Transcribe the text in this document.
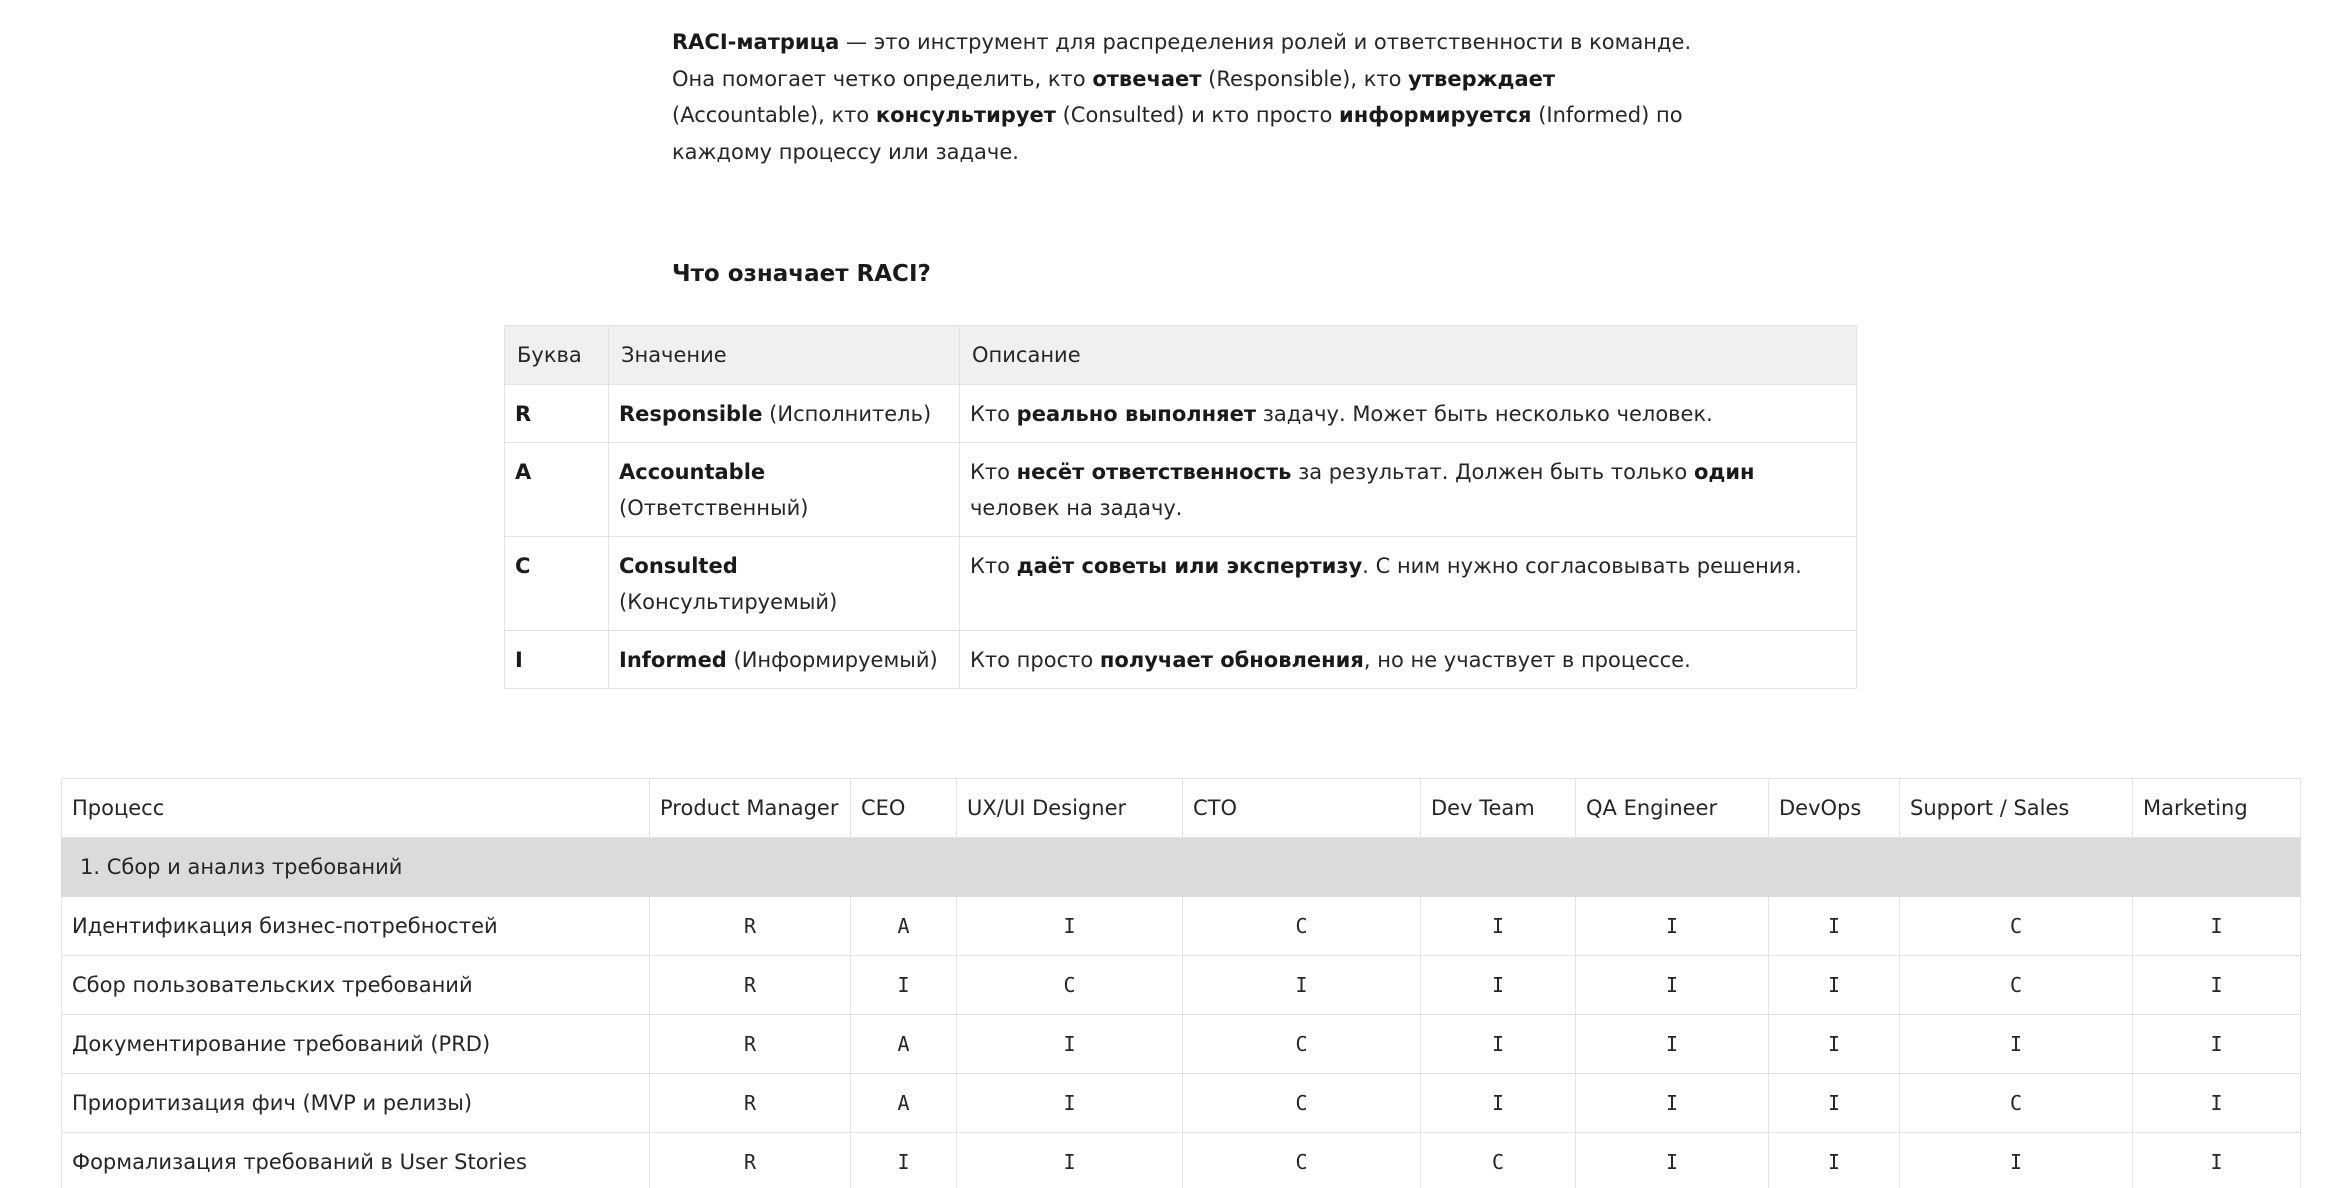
RACI-матрица — это инструмент для распределения ролей и ответственности в команде. Она помогает четко определить, кто отвечает (Responsible), кто утверждает (Accountable), кто консультирует (Consulted) и кто просто информируется (Informed) по каждому процессу или задаче.

Что означает RACI?
Буква	Значение	Описание
R	Responsible (Исполнитель)	Кто реально выполняет задачу. Может быть несколько человек.
A	Accountable (Ответственный)	Кто несёт ответственность за результат. Должен быть только один человек на задачу.
C	Consulted (Консультируемый)	Кто даёт советы или экспертизу. С ним нужно согласовывать решения.
I	Informed (Информируемый)	Кто просто получает обновления, но не участвует в процессе.
Процесс	Product Manager	CEO	UX/UI Designer	CTO	Dev Team	QA Engineer	DevOps	Support / Sales	Marketing
1. Сбор и анализ требований									
Идентификация бизнес-потребностей	R	A	I	C	I	I	I	C	I
Сбор пользовательских требований	R	I	C	I	I	I	I	C	I
Документирование требований (PRD)	R	A	I	C	I	I	I	I	I
Приоритизация фич (MVP и релизы)	R	A	I	C	I	I	I	C	I
Формализация требований в User Stories	R	I	I	C	C	I	I	I	I
